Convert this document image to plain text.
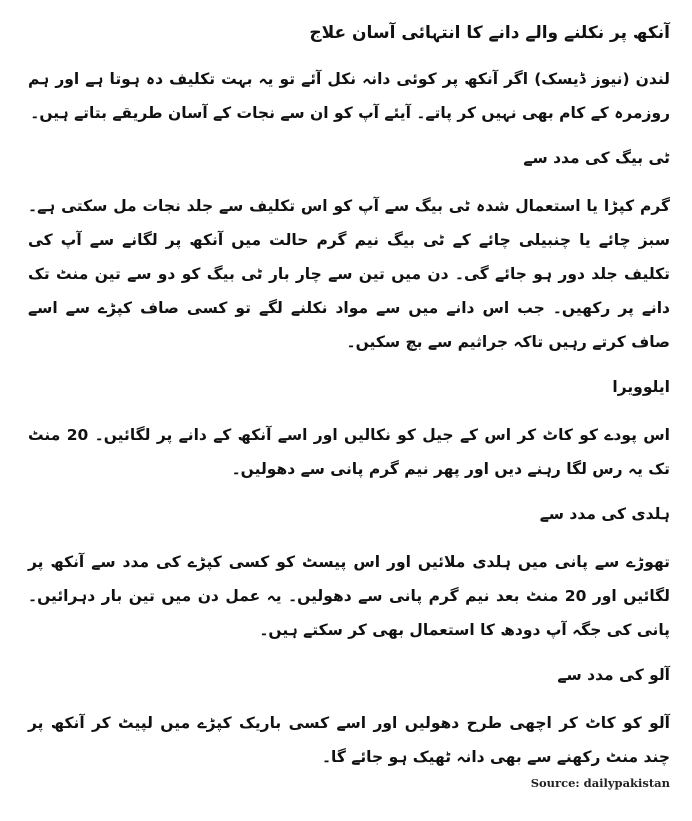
آنکھ پر نکلنے والے دانے کا انتہائی آسان علاج

لندن (نیوز ڈیسک) اگر آنکھ پر کوئی دانہ نکل آئے تو یہ بہت تکلیف دہ ہوتا ہے اور ہم روزمرہ کے کام بھی نہیں کر پاتے۔ آیئے آپ کو ان سے نجات کے آسان طریقے بتاتے ہیں۔

ٹی بیگ کی مدد سے

گرم کپڑا یا استعمال شدہ ٹی بیگ سے آپ کو اس تکلیف سے جلد نجات مل سکتی ہے۔ سبز چائے یا چنبیلی چائے کے ٹی بیگ نیم گرم حالت میں آنکھ پر لگانے سے آپ کی تکلیف جلد دور ہو جائے گی۔ دن میں تین سے چار بار ٹی بیگ کو دو سے تین منٹ تک دانے پر رکھیں۔ جب اس دانے میں سے مواد نکلنے لگے تو کسی صاف کپڑے سے اسے صاف کرتے رہیں تاکہ جراثیم سے بچ سکیں۔

ایلوویرا

اس پودے کو کاٹ کر اس کے جیل کو نکالیں اور اسے آنکھ کے دانے پر لگائیں۔ 20 منٹ تک یہ رس لگا رہنے دیں اور پھر نیم گرم پانی سے دھولیں۔

ہلدی کی مدد سے

تھوڑے سے پانی میں ہلدی ملائیں اور اس پیسٹ کو کسی کپڑے کی مدد سے آنکھ پر لگائیں اور 20 منٹ بعد نیم گرم پانی سے دھولیں۔ یہ عمل دن میں تین بار دہرائیں۔ پانی کی جگہ آپ دودھ کا استعمال بھی کر سکتے ہیں۔

آلو کی مدد سے

آلو کو کاٹ کر اچھی طرح دھولیں اور اسے کسی باریک کپڑے میں لپیٹ کر آنکھ پر چند منٹ رکھنے سے بھی دانہ ٹھیک ہو جائے گا۔

Source: dailypakistan
